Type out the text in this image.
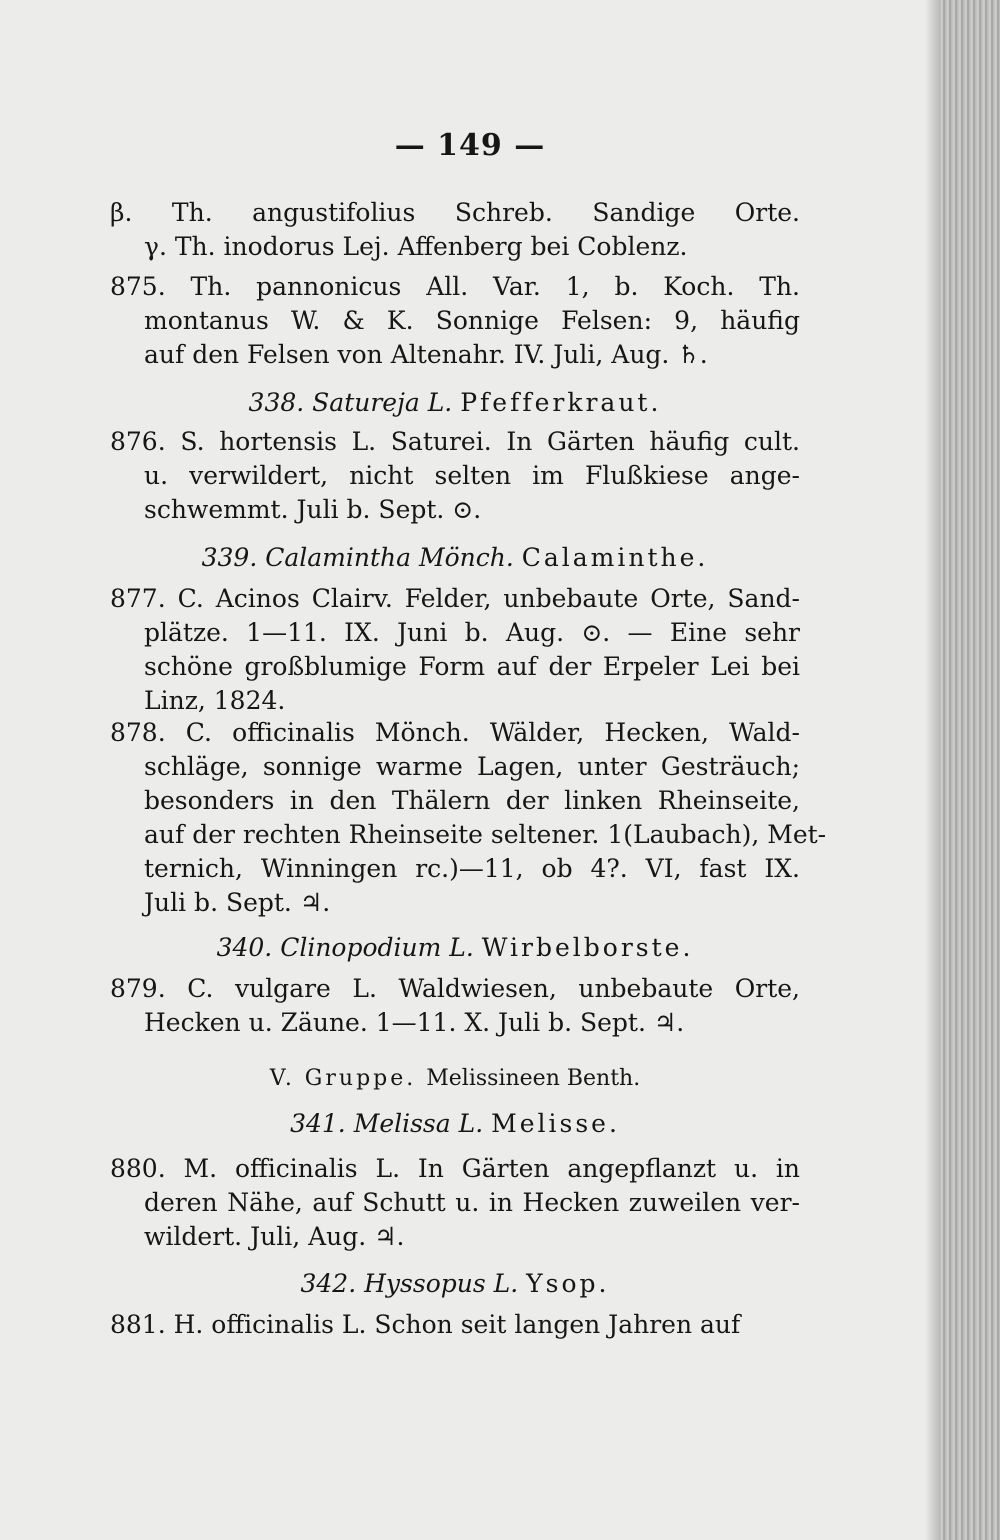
— 149 —
β. Th. angustifolius Schreb. Sandige Orte.
γ. Th. inodorus Lej. Affenberg bei Coblenz.
875. Th. pannonicus All. Var. 1, b. Koch. Th.
montanus W. & K. Sonnige Felsen: 9, häufig
auf den Felsen von Altenahr. IV. Juli, Aug. ♄.
338. Satureja L. Pfefferkraut.
876. S. hortensis L. Saturei. In Gärten häufig cult.
u. verwildert, nicht selten im Flußkiese ange-
schwemmt. Juli b. Sept. ⊙.
339. Calamintha Mönch. Calaminthe.
877. C. Acinos Clairv. Felder, unbebaute Orte, Sand-
plätze. 1—11. IX. Juni b. Aug. ⊙. — Eine sehr
schöne großblumige Form auf der Erpeler Lei bei
Linz, 1824.
878. C. officinalis Mönch. Wälder, Hecken, Wald-
schläge, sonnige warme Lagen, unter Gesträuch;
besonders in den Thälern der linken Rheinseite,
auf der rechten Rheinseite seltener. 1(Laubach), Met-
ternich, Winningen rc.)—11, ob 4?. VI, fast IX.
Juli b. Sept. ♃.
340. Clinopodium L. Wirbelborste.
879. C. vulgare L. Waldwiesen, unbebaute Orte,
Hecken u. Zäune. 1—11. X. Juli b. Sept. ♃.
V. Gruppe. Melissineen Benth.
341. Melissa L. Melisse.
880. M. officinalis L. In Gärten angepflanzt u. in
deren Nähe, auf Schutt u. in Hecken zuweilen ver-
wildert. Juli, Aug. ♃.
342. Hyssopus L. Ysop.
881. H. officinalis L. Schon seit langen Jahren auf
